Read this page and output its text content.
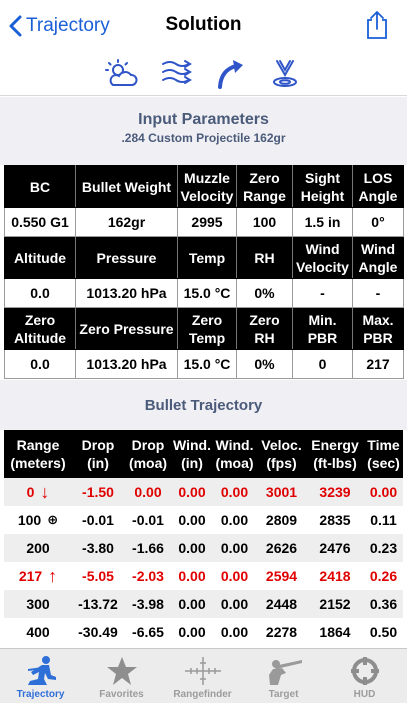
Trajectory	Solution
Input Parameters
.284 Custom Projectile 162gr
BC	Bullet Weight	Muzzle Velocity	Zero Range	Sight Height	LOS Angle
0.550 G1	162gr	2995	100	1.5 in	0°
Altitude	Pressure	Temp	RH	Wind Velocity	Wind Angle
0.0	1013.20 hPa	15.0 °C	0%	-	-
Zero Altitude	Zero Pressure	Zero Temp	Zero RH	Min. PBR	Max. PBR
0.0	1013.20 hPa	15.0 °C	0%	0	217
Bullet Trajectory
Range (meters)	Drop (in)	Drop (moa)	Wind. (in)	Wind. (moa)	Veloc. (fps)	Energy (ft-lbs)	Time (sec)

0 ↓	-1.50	0.00	0.00	0.00	3001	3239	0.00

100 ⊕	-0.01	-0.01	0.00	0.00	2809	2835	0.11
200	-3.80	-1.66	0.00	0.00	2626	2476	0.23

217 ↑	-5.05	-2.03	0.00	0.00	2594	2418	0.26
300	-13.72	-3.98	0.00	0.00	2448	2152	0.36
400	-30.49	-6.65	0.00	0.00	2278	1864	0.50
Trajectory	Favorites	Rangefinder	Target	HUD
